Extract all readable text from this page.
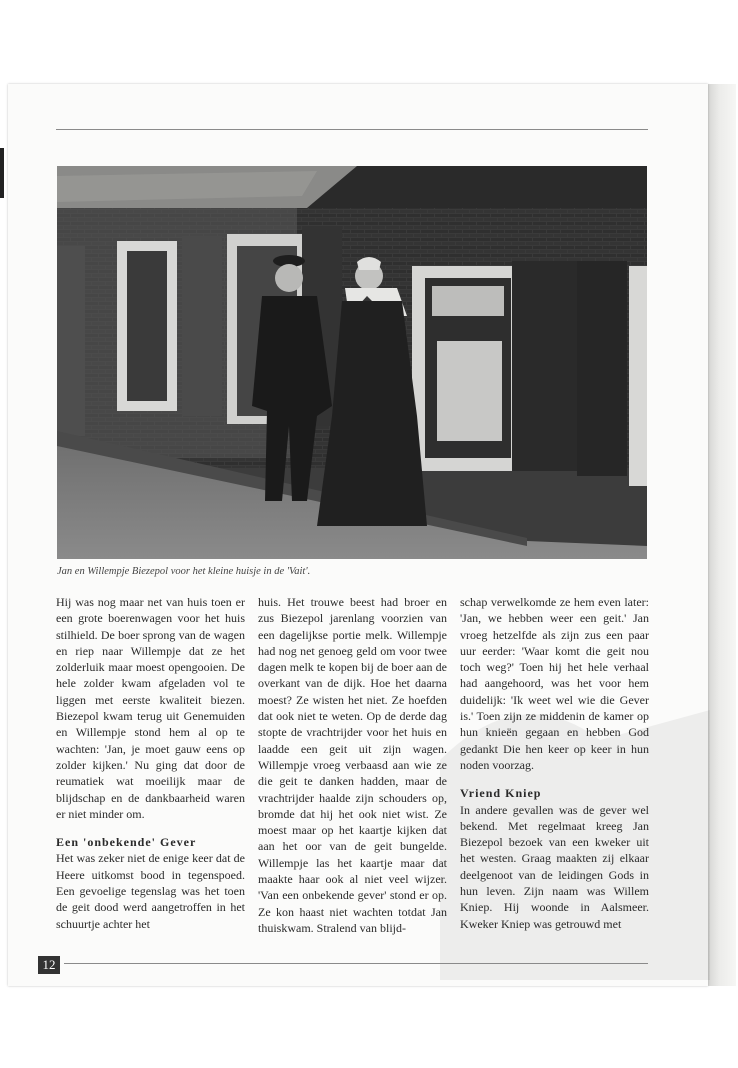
Jan en Willempje Biezepol voor het kleine huisje in de 'Vait'.

Hij was nog maar net van huis toen er een grote boerenwagen voor het huis stilhield. De boer sprong van de wagen en riep naar Willempje dat ze het zolderluik maar moest opengooien. De hele zolder kwam afgeladen vol te liggen met eerste kwaliteit biezen. Biezepol kwam terug uit Genemuiden en Willempje stond hem al op te wachten: 'Jan, je moet gauw eens op zolder kijken.' Nu ging dat door de reumatiek wat moeilijk maar de blijdschap en de dankbaarheid waren er niet minder om.

Een 'onbekende' Gever

Het was zeker niet de enige keer dat de Heere uitkomst bood in tegenspoed. Een gevoelige tegenslag was het toen de geit dood werd aangetroffen in het schuurtje achter het

huis. Het trouwe beest had broer en zus Biezepol jarenlang voorzien van een dagelijkse portie melk. Willempje had nog net genoeg geld om voor twee dagen melk te kopen bij de boer aan de overkant van de dijk. Hoe het daarna moest? Ze wisten het niet. Ze hoefden dat ook niet te weten. Op de derde dag stopte de vrachtrijder voor het huis en laadde een geit uit zijn wagen. Willempje vroeg verbaasd aan wie ze die geit te danken hadden, maar de vrachtrijder haalde zijn schouders op, bromde dat hij het ook niet wist. Ze moest maar op het kaartje kijken dat aan het oor van de geit bungelde. Willempje las het kaartje maar dat maakte haar ook al niet veel wijzer. 'Van een onbekende gever' stond er op. Ze kon haast niet wachten totdat Jan thuiskwam. Stralend van blijd-

schap verwelkomde ze hem even later: 'Jan, we hebben weer een geit.' Jan vroeg hetzelfde als zijn zus een paar uur eerder: 'Waar komt die geit nou toch weg?' Toen hij het hele verhaal had aangehoord, was het voor hem duidelijk: 'Ik weet wel wie die Gever is.' Toen zijn ze middenin de kamer op hun knieën gegaan en hebben God gedankt Die hen keer op keer in hun noden voorzag.

Vriend Kniep

In andere gevallen was de gever wel bekend. Met regelmaat kreeg Jan Biezepol bezoek van een kweker uit het westen. Graag maakten zij elkaar deelgenoot van de leidingen Gods in hun leven. Zijn naam was Willem Kniep. Hij woonde in Aalsmeer. Kweker Kniep was getrouwd met

12
